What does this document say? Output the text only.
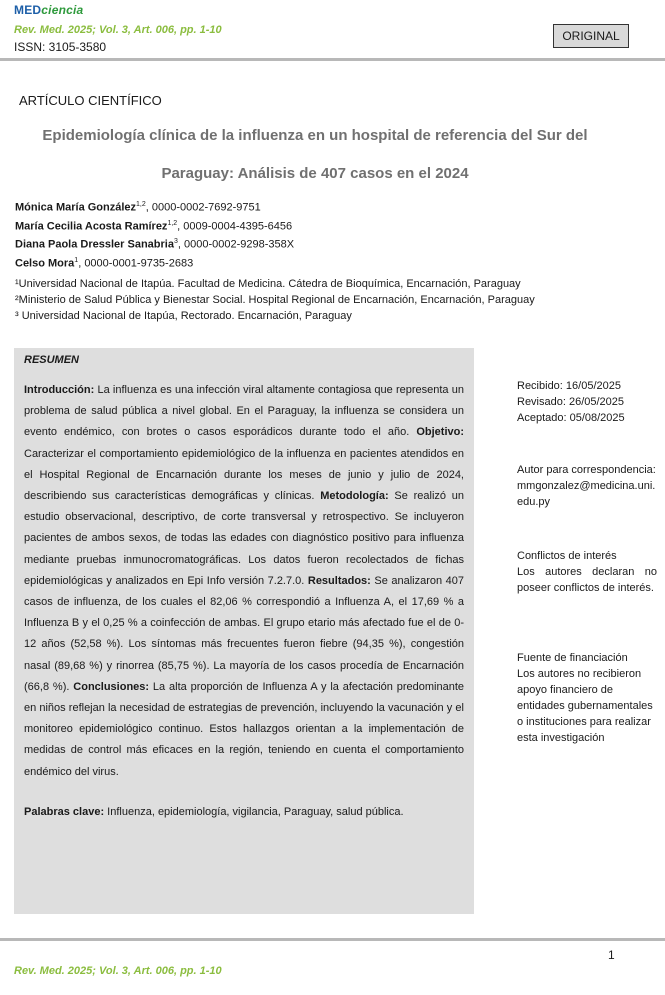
MEDciencia
Rev. Med. 2025; Vol. 3, Art. 006, pp. 1-10
ISSN: 3105-3580
ORIGINAL
ARTÍCULO CIENTÍFICO
Epidemiología clínica de la influenza en un hospital de referencia del Sur del Paraguay: Análisis de 407 casos en el 2024
Mónica María González$^{1,2}$, 0000-0002-7692-9751
María Cecilia Acosta Ramírez$^{1,2}$, 0009-0004-4395-6456
Diana Paola Dressler Sanabria$^3$, 0000-0002-9298-358X
Celso Mora$^1$, 0000-0001-9735-2683
¹Universidad Nacional de Itapúa. Facultad de Medicina. Cátedra de Bioquímica, Encarnación, Paraguay
²Ministerio de Salud Pública y Bienestar Social. Hospital Regional de Encarnación, Encarnación, Paraguay
³ Universidad Nacional de Itapúa, Rectorado. Encarnación, Paraguay
RESUMEN

Introducción: La influenza es una infección viral altamente contagiosa que representa un problema de salud pública a nivel global. En el Paraguay, la influenza se considera un evento endémico, con brotes o casos esporádicos durante todo el año. Objetivo: Caracterizar el comportamiento epidemiológico de la influenza en pacientes atendidos en el Hospital Regional de Encarnación durante los meses de junio y julio de 2024, describiendo sus características demográficas y clínicas. Metodología: Se realizó un estudio observacional, descriptivo, de corte transversal y retrospectivo. Se incluyeron pacientes de ambos sexos, de todas las edades con diagnóstico positivo para influenza mediante pruebas inmunocromatográficas. Los datos fueron recolectados de fichas epidemiológicas y analizados en Epi Info versión 7.2.7.0. Resultados: Se analizaron 407 casos de influenza, de los cuales el 82,06 % correspondió a Influenza A, el 17,69 % a Influenza B y el 0,25 % a coinfección de ambas. El grupo etario más afectado fue el de 0-12 años (52,58 %). Los síntomas más frecuentes fueron fiebre (94,35 %), congestión nasal (89,68 %) y rinorrea (85,75 %). La mayoría de los casos procedía de Encarnación (66,8 %). Conclusiones: La alta proporción de Influenza A y la afectación predominante en niños reflejan la necesidad de estrategias de prevención, incluyendo la vacunación y el monitoreo epidemiológico continuo. Estos hallazgos orientan a la implementación de medidas de control más eficaces en la región, teniendo en cuenta el comportamiento endémico del virus.

Palabras clave: Influenza, epidemiología, vigilancia, Paraguay, salud pública.

Recibido: 16/05/2025

Revisado: 26/05/2025

Aceptado: 05/08/2025

Autor para correspondencia:

mmgonzalez@medicina.uni.edu.py

Conflictos de interés

Los autores declaran no poseer conflictos de interés.

Fuente de financiación

Los autores no recibieron apoyo financiero de entidades gubernamentales o instituciones para realizar esta investigación

1
Rev. Med. 2025; Vol. 3, Art. 006, pp. 1-10
